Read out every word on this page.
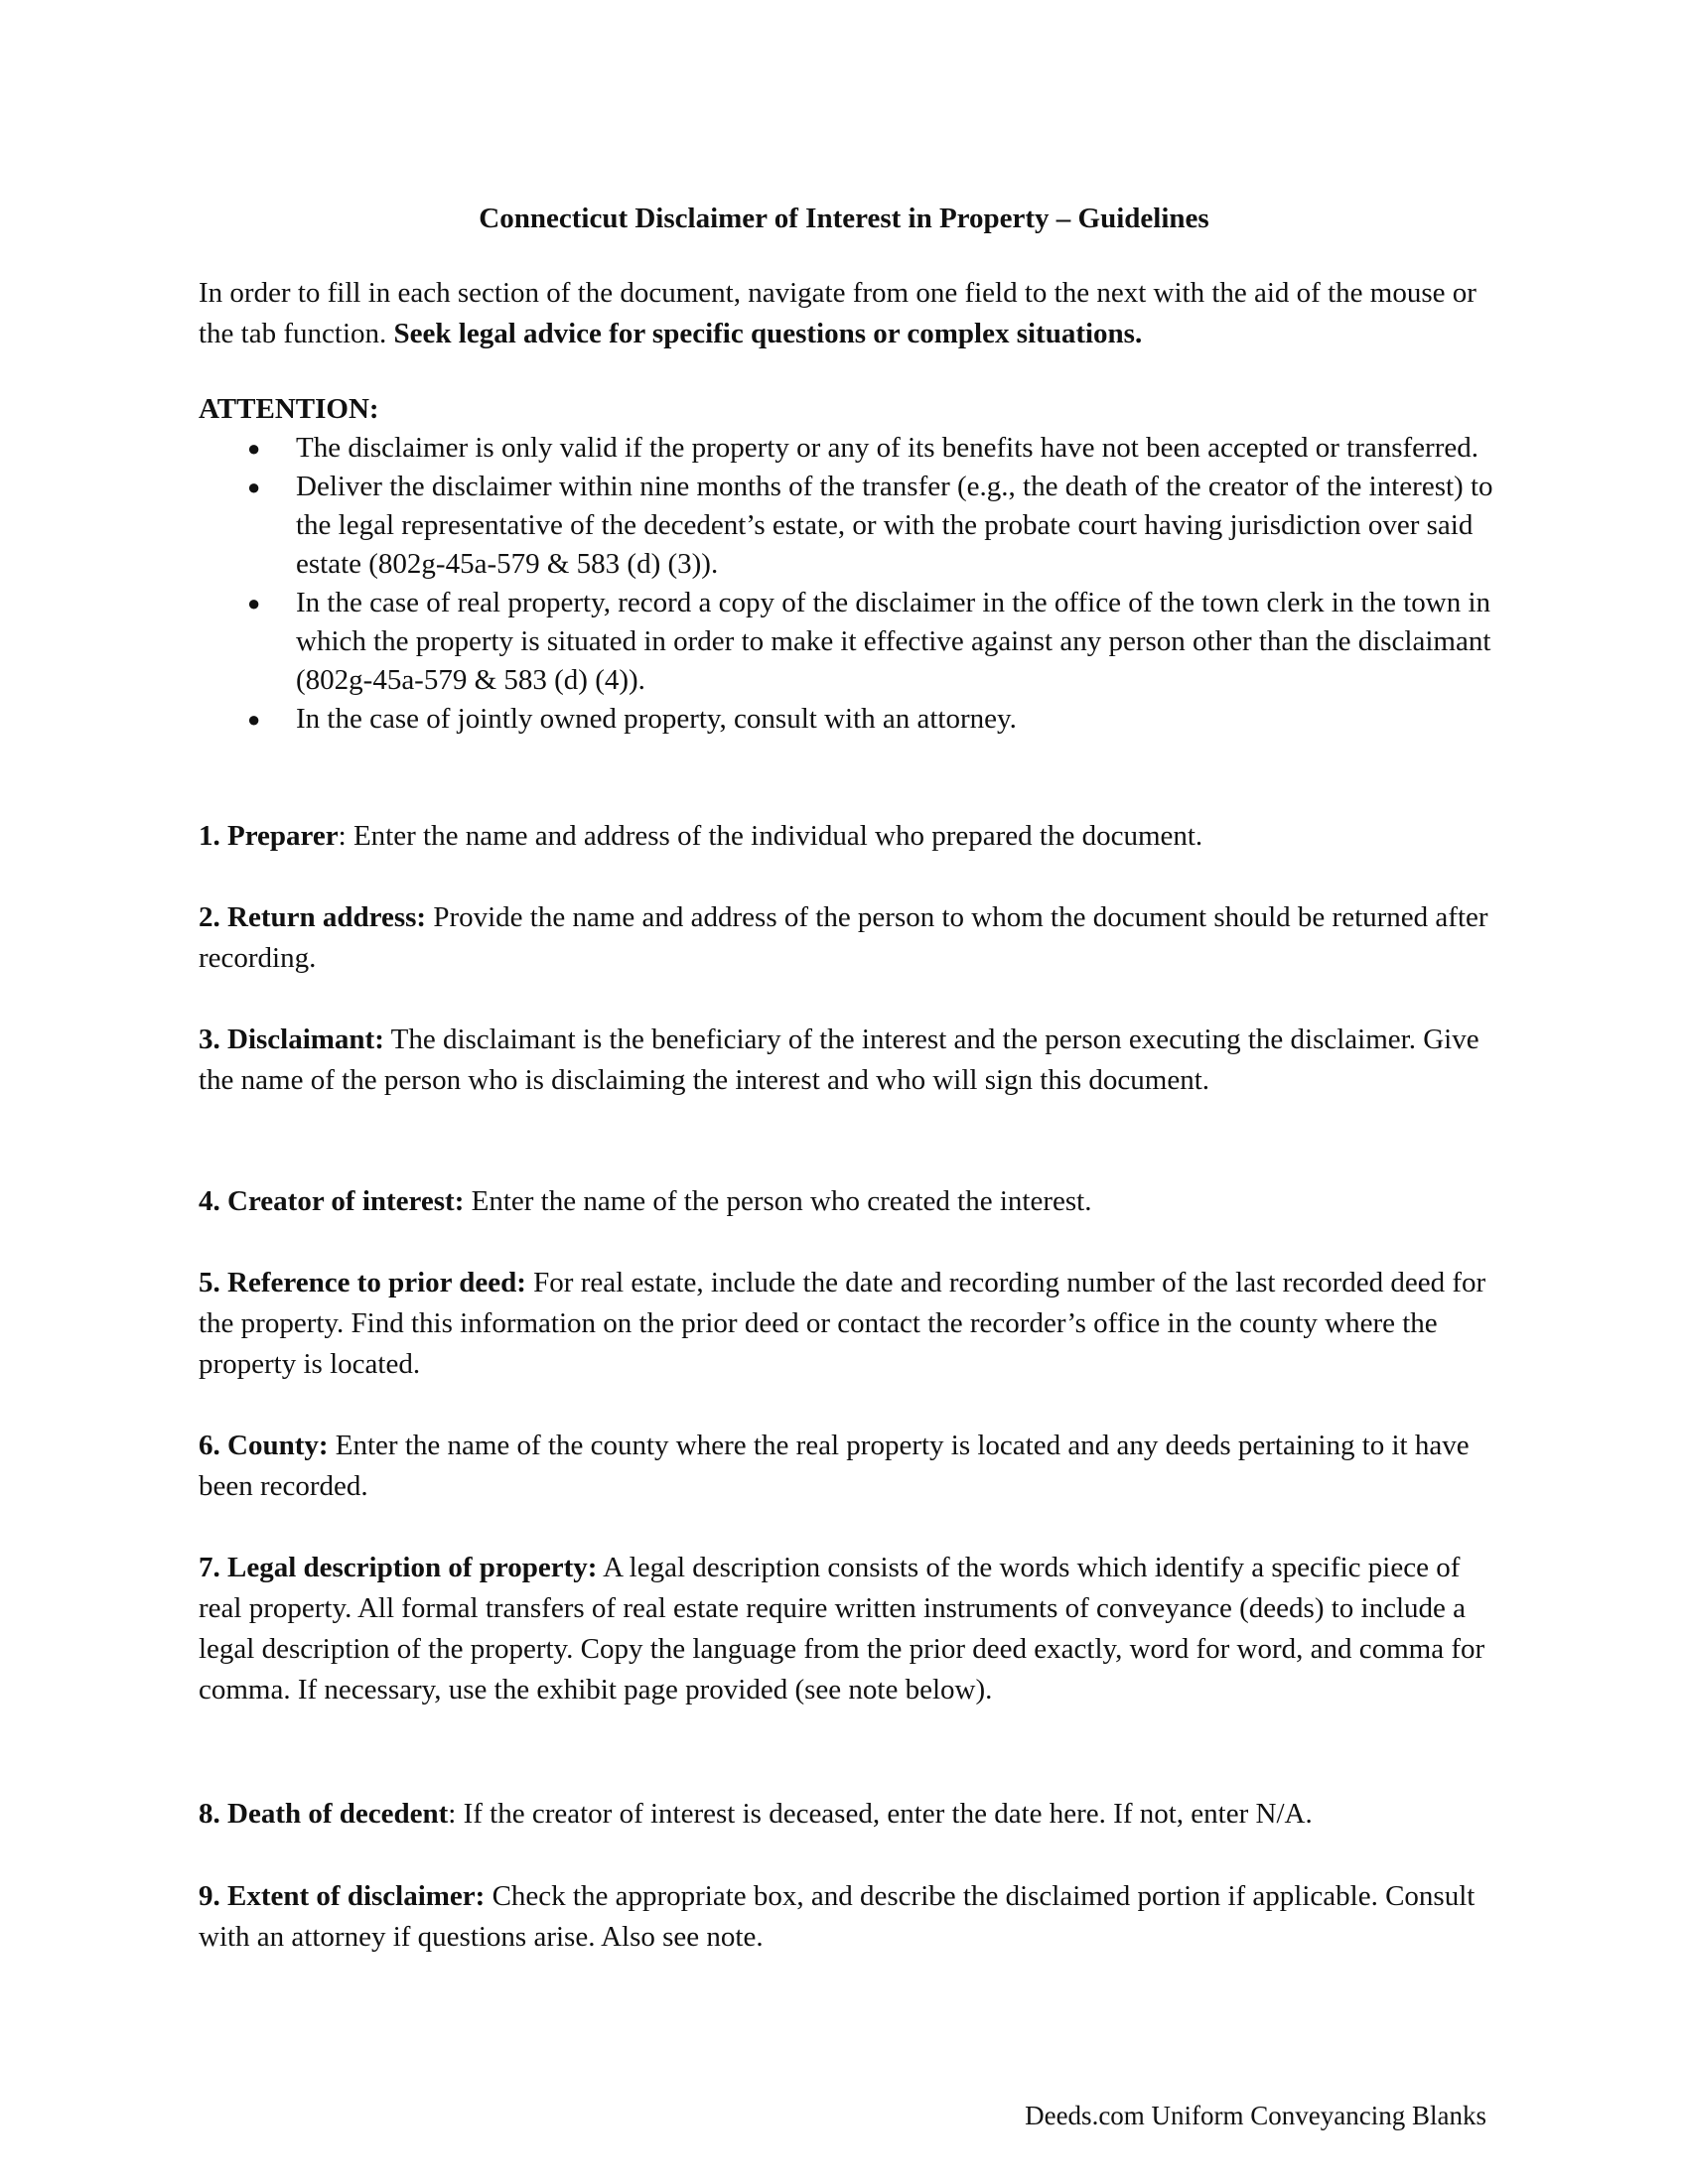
Connecticut Disclaimer of Interest in Property – Guidelines

In order to fill in each section of the document, navigate from one field to the next with the aid of the mouse or the tab function. Seek legal advice for specific questions or complex situations.

ATTENTION:

● The disclaimer is only valid if the property or any of its benefits have not been accepted or transferred.
● Deliver the disclaimer within nine months of the transfer (e.g., the death of the creator of the interest) to the legal representative of the decedent’s estate, or with the probate court having jurisdiction over said estate (802g-45a-579 & 583 (d) (3)).
● In the case of real property, record a copy of the disclaimer in the office of the town clerk in the town in which the property is situated in order to make it effective against any person other than the disclaimant (802g-45a-579 & 583 (d) (4)).
● In the case of jointly owned property, consult with an attorney.

1. Preparer: Enter the name and address of the individual who prepared the document.

2. Return address: Provide the name and address of the person to whom the document should be returned after recording.

3. Disclaimant: The disclaimant is the beneficiary of the interest and the person executing the disclaimer. Give the name of the person who is disclaiming the interest and who will sign this document.

4. Creator of interest: Enter the name of the person who created the interest.

5. Reference to prior deed: For real estate, include the date and recording number of the last recorded deed for the property. Find this information on the prior deed or contact the recorder’s office in the county where the property is located.

6. County: Enter the name of the county where the real property is located and any deeds pertaining to it have been recorded.

7. Legal description of property: A legal description consists of the words which identify a specific piece of real property. All formal transfers of real estate require written instruments of conveyance (deeds) to include a legal description of the property. Copy the language from the prior deed exactly, word for word, and comma for comma. If necessary, use the exhibit page provided (see note below).

8. Death of decedent: If the creator of interest is deceased, enter the date here. If not, enter N/A.

9. Extent of disclaimer: Check the appropriate box, and describe the disclaimed portion if applicable. Consult with an attorney if questions arise. Also see note.

Deeds.com Uniform Conveyancing Blanks
